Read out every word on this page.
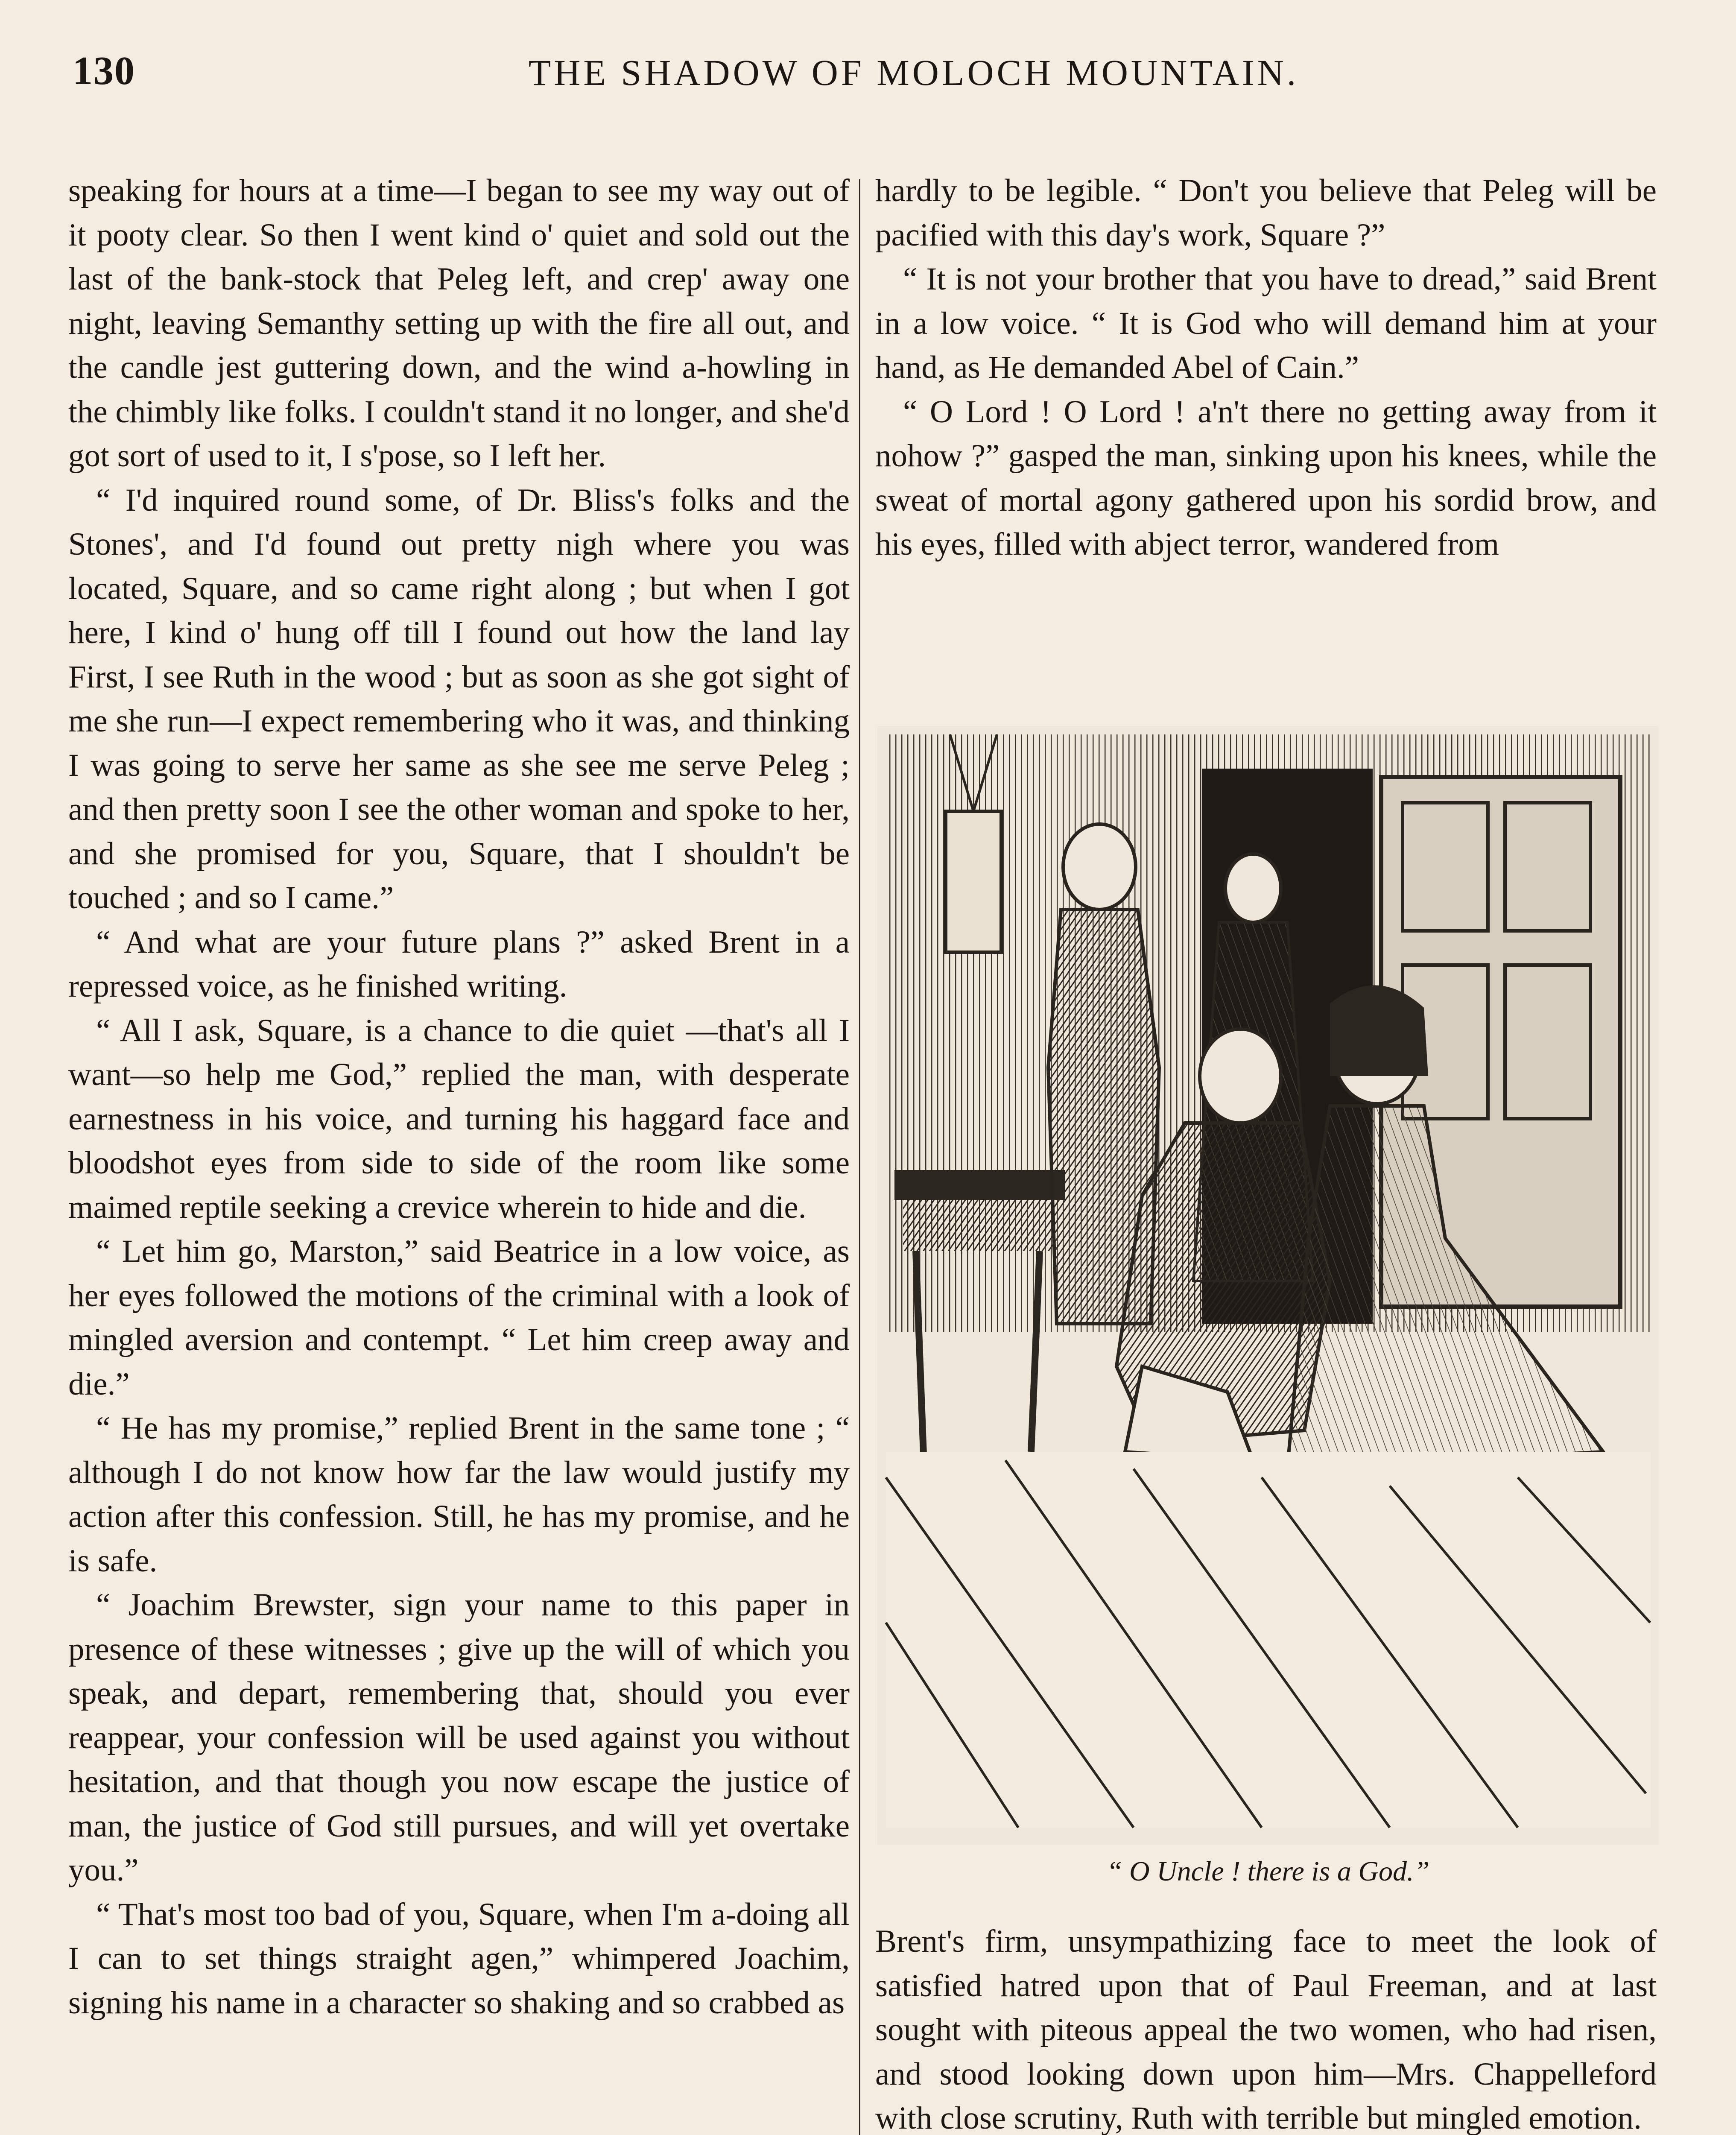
130	THE SHADOW OF MOLOCH MOUNTAIN.

speaking for hours at a time—I began to see my way out of it pooty clear. So then I went kind o' quiet and sold out the last of the bank-stock that Peleg left, and crep' away one night, leaving Semanthy setting up with the fire all out, and the candle jest guttering down, and the wind a-howling in the chimbly like folks. I couldn't stand it no longer, and she'd got sort of used to it, I s'pose, so I left her.

“ I'd inquired round some, of Dr. Bliss's folks and the Stones', and I'd found out pretty nigh where you was located, Square, and so came right along ; but when I got here, I kind o' hung off till I found out how the land lay First, I see Ruth in the wood ; but as soon as she got sight of me she run—I expect remembering who it was, and thinking I was going to serve her same as she see me serve Peleg ; and then pretty soon I see the other woman and spoke to her, and she promised for you, Square, that I shouldn't be touched ; and so I came.”

“ And what are your future plans ?” asked Brent in a repressed voice, as he finished writing.

“ All I ask, Square, is a chance to die quiet —that's all I want—so help me God,” replied the man, with desperate earnestness in his voice, and turning his haggard face and bloodshot eyes from side to side of the room like some maimed reptile seeking a crevice wherein to hide and die.

“ Let him go, Marston,” said Beatrice in a low voice, as her eyes followed the motions of the criminal with a look of mingled aversion and contempt. “ Let him creep away and die.”

“ He has my promise,” replied Brent in the same tone ; “ although I do not know how far the law would justify my action after this confession. Still, he has my promise, and he is safe.

“ Joachim Brewster, sign your name to this paper in presence of these witnesses ; give up the will of which you speak, and depart, remembering that, should you ever reappear, your confession will be used against you without hesitation, and that though you now escape the justice of man, the justice of God still pursues, and will yet overtake you.”

“ That's most too bad of you, Square, when I'm a-doing all I can to set things straight agen,” whimpered Joachim, signing his name in a character so shaking and so crabbed as

hardly to be legible. “ Don't you believe that Peleg will be pacified with this day's work, Square ?”

“ It is not your brother that you have to dread,” said Brent in a low voice. “ It is God who will demand him at your hand, as He demanded Abel of Cain.”

“ O Lord ! O Lord ! a'n't there no getting away from it nohow ?” gasped the man, sinking upon his knees, while the sweat of mortal agony gathered upon his sordid brow, and his eyes, filled with abject terror, wandered from

“ O Uncle ! there is a God.”

Brent's firm, unsympathizing face to meet the look of satisfied hatred upon that of Paul Freeman, and at last sought with piteous appeal the two women, who had risen, and stood looking down upon him—Mrs. Chappelleford with close scrutiny, Ruth with terrible but mingled emotion.
